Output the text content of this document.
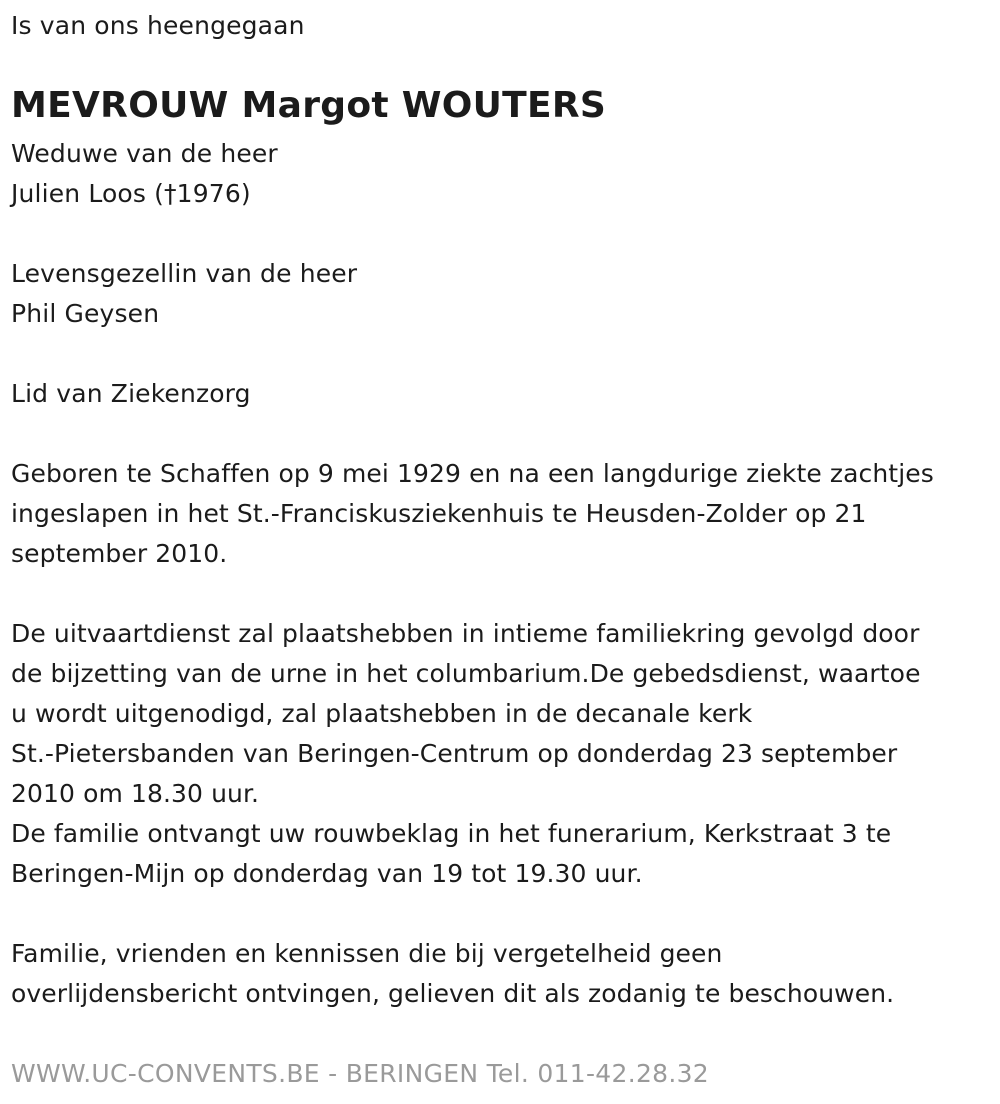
Is van ons heengegaan
MEVROUW Margot WOUTERS
Weduwe van de heer
Julien Loos (†1976)
Levensgezellin van de heer
Phil Geysen
Lid van Ziekenzorg
Geboren te Schaffen op 9 mei 1929 en na een langdurige ziekte zachtjes
ingeslapen in het St.-Franciskusziekenhuis te Heusden-Zolder op 21
september 2010.
De uitvaartdienst zal plaatshebben in intieme familiekring gevolgd door
de bijzetting van de urne in het columbarium.De gebedsdienst, waartoe
u wordt uitgenodigd, zal plaatshebben in de decanale kerk
St.-Pietersbanden van Beringen-Centrum op donderdag 23 september
2010 om 18.30 uur.
De familie ontvangt uw rouwbeklag in het funerarium, Kerkstraat 3 te
Beringen-Mijn op donderdag van 19 tot 19.30 uur.
Familie, vrienden en kennissen die bij vergetelheid geen
overlijdensbericht ontvingen, gelieven dit als zodanig te beschouwen.
WWW.UC-CONVENTS.BE - BERINGEN Tel. 011-42.28.32
